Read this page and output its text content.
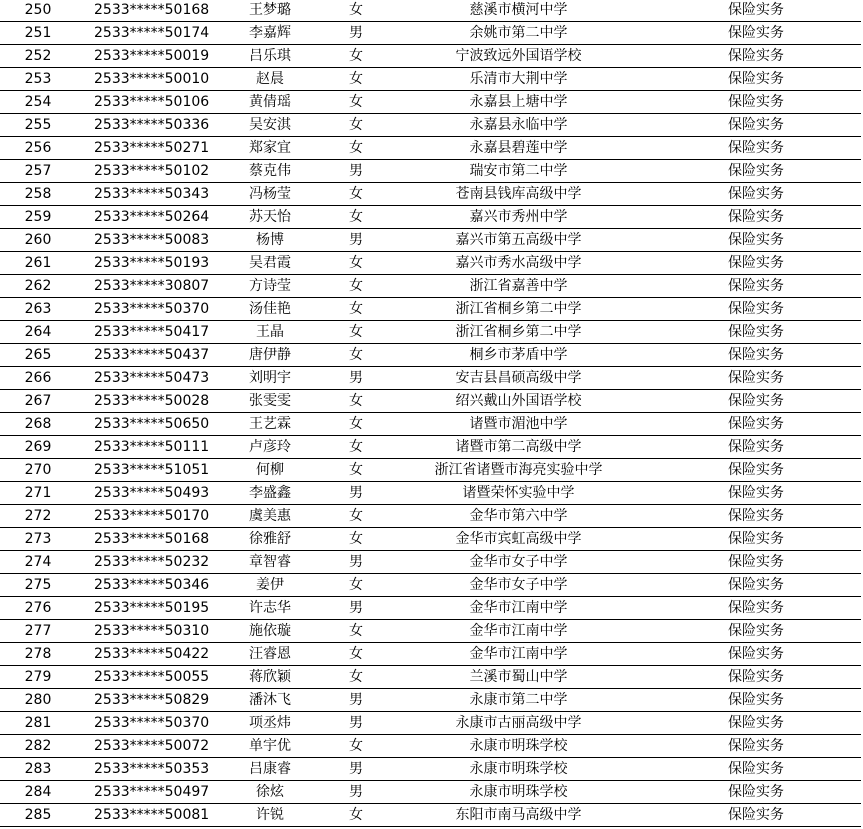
250	2533*****50168	王梦璐	女	慈溪市横河中学	保险实务
251	2533*****50174	李嘉辉	男	余姚市第二中学	保险实务
252	2533*****50019	吕乐琪	女	宁波致远外国语学校	保险实务
253	2533*****50010	赵晨	女	乐清市大荆中学	保险实务
254	2533*****50106	黄倩瑶	女	永嘉县上塘中学	保险实务
255	2533*****50336	吴安淇	女	永嘉县永临中学	保险实务
256	2533*****50271	郑家宜	女	永嘉县碧莲中学	保险实务
257	2533*****50102	蔡克伟	男	瑞安市第二中学	保险实务
258	2533*****50343	冯杨莹	女	苍南县钱库高级中学	保险实务
259	2533*****50264	苏天怡	女	嘉兴市秀州中学	保险实务
260	2533*****50083	杨博	男	嘉兴市第五高级中学	保险实务
261	2533*****50193	吴君霞	女	嘉兴市秀水高级中学	保险实务
262	2533*****30807	方诗莹	女	浙江省嘉善中学	保险实务
263	2533*****50370	汤佳艳	女	浙江省桐乡第二中学	保险实务
264	2533*****50417	王晶	女	浙江省桐乡第二中学	保险实务
265	2533*****50437	唐伊静	女	桐乡市茅盾中学	保险实务
266	2533*****50473	刘明宇	男	安吉县昌硕高级中学	保险实务
267	2533*****50028	张雯雯	女	绍兴戴山外国语学校	保险实务
268	2533*****50650	王艺霖	女	诸暨市湄池中学	保险实务
269	2533*****50111	卢彦玲	女	诸暨市第二高级中学	保险实务
270	2533*****51051	何柳	女	浙江省诸暨市海亮实验中学	保险实务
271	2533*****50493	李盛鑫	男	诸暨荣怀实验中学	保险实务
272	2533*****50170	虞美惠	女	金华市第六中学	保险实务
273	2533*****50168	徐雅舒	女	金华市宾虹高级中学	保险实务
274	2533*****50232	章智睿	男	金华市女子中学	保险实务
275	2533*****50346	姜伊	女	金华市女子中学	保险实务
276	2533*****50195	许志华	男	金华市江南中学	保险实务
277	2533*****50310	施依璇	女	金华市江南中学	保险实务
278	2533*****50422	汪睿恩	女	金华市江南中学	保险实务
279	2533*****50055	蒋欣颖	女	兰溪市蜀山中学	保险实务
280	2533*****50829	潘沐飞	男	永康市第二中学	保险实务
281	2533*****50370	项丞炜	男	永康市古丽高级中学	保险实务
282	2533*****50072	单宇优	女	永康市明珠学校	保险实务
283	2533*****50353	吕康睿	男	永康市明珠学校	保险实务
284	2533*****50497	徐炫	男	永康市明珠学校	保险实务
285	2533*****50081	许锐	女	东阳市南马高级中学	保险实务
